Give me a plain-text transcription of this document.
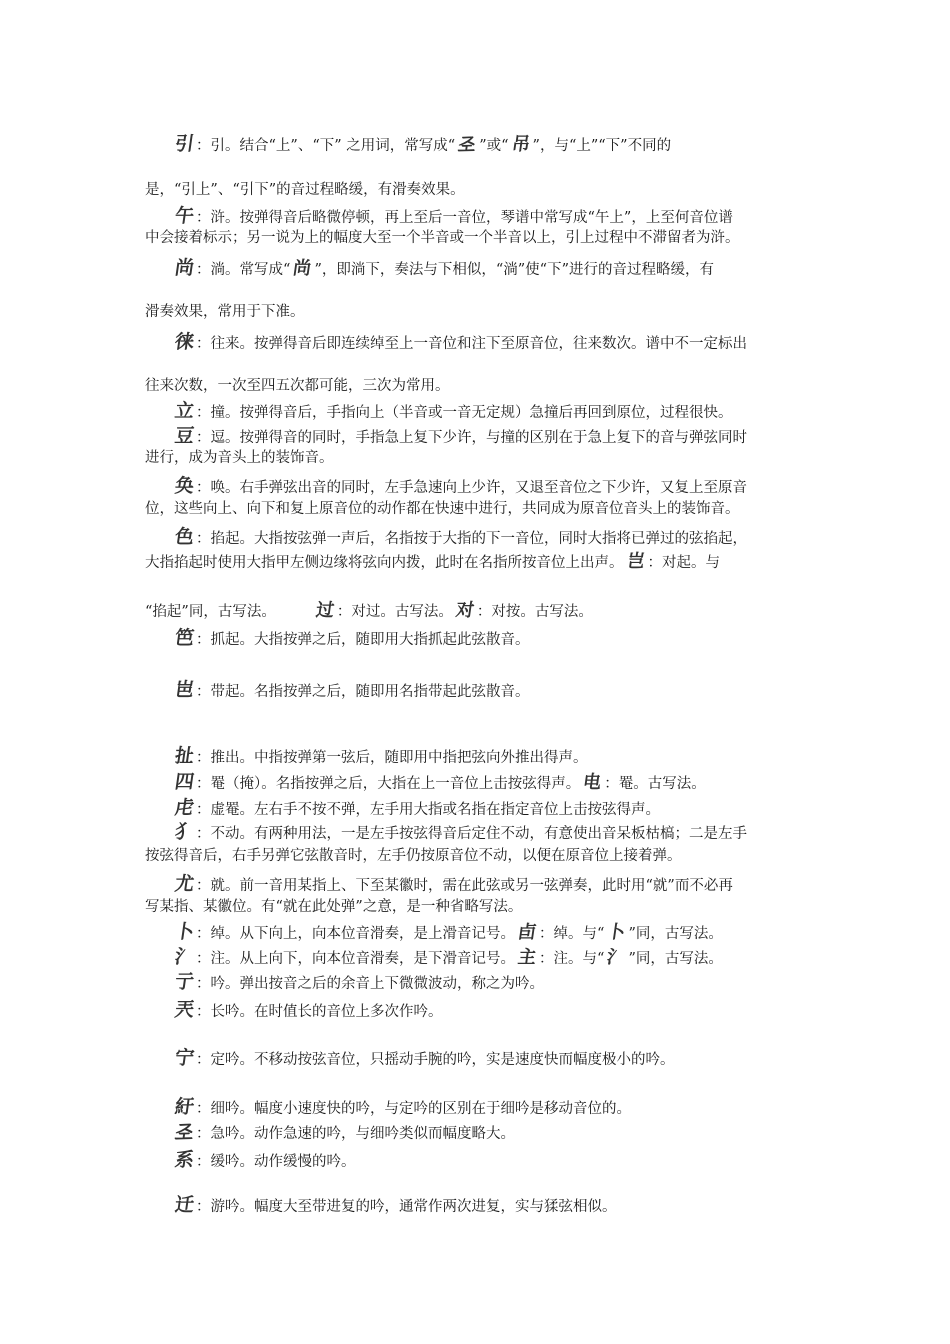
引：引。结合“上”、“下” 之用词，常写成“𢀖”或“吊”，与“上”“下”不同的
是，“引上”、“引下”的音过程略缓，有滑奏效果。
午：浒。按弹得音后略微停顿，再上至后一音位，琴谱中常写成“午上”，上至何音位谱
中会接着标示；另一说为上的幅度大至一个半音或一个半音以上，引上过程中不滞留者为浒。
尚：淌。常写成“尚”，即淌下，奏法与下相似，“淌”使“下”进行的音过程略缓，有
滑奏效果，常用于下准。
徕：往来。按弹得音后即连续绰至上一音位和注下至原音位，往来数次。谱中不一定标出
往来次数，一次至四五次都可能，三次为常用。
立：撞。按弹得音后，手指向上（半音或一音无定规）急撞后再回到原位，过程很快。
豆：逗。按弹得音的同时，手指急上复下少许，与撞的区别在于急上复下的音与弹弦同时
进行，成为音头上的装饰音。
奂：唤。右手弹弦出音的同时，左手急速向上少许，又退至音位之下少许，又复上至原音
位，这些向上、向下和复上原音位的动作都在快速中进行，共同成为原音位音头上的装饰音。
色：掐起。大指按弦弹一声后，名指按于大指的下一音位，同时大指将已弹过的弦掐起，
大指掐起时使用大指甲左侧边缘将弦向内拨，此时在名指所按音位上出声。岂：对起。与
“掐起”同，古写法。 过：对过。古写法。对：对按。古写法。
笆：抓起。大指按弹之后，随即用大指抓起此弦散音。
岜：带起。名指按弹之后，随即用名指带起此弦散音。
扯：推出。中指按弹第一弦后，随即用中指把弦向外推出得声。
四：罨（掩）。名指按弹之后，大指在上一音位上击按弦得声。电：罨。古写法。
虍：虚罨。左右手不按不弹，左手用大指或名指在指定音位上击按弦得声。
犭：不动。有两种用法，一是左手按弦得音后定住不动，有意使出音呆板枯槁；二是左手
按弦得音后，右手另弹它弦散音时，左手仍按原音位不动，以便在原音位上接着弹。
尤：就。前一音用某指上、下至某徽时，需在此弦或另一弦弹奏，此时用“就”而不必再
写某指、某徽位。有“就在此处弹”之意，是一种省略写法。
卜：绰。从下向上，向本位音滑奏，是上滑音记号。卣：绰。与“卜”同，古写法。
氵：注。从上向下，向本位音滑奏，是下滑音记号。主：注。与“氵”同，古写法。
亍：吟。弹出按音之后的余音上下微微波动，称之为吟。
兲：长吟。在时值长的音位上多次作吟。
宁：定吟。不移动按弦音位，只摇动手腕的吟，实是速度快而幅度极小的吟。
紆：细吟。幅度小速度快的吟，与定吟的区别在于细吟是移动音位的。
𢀖：急吟。动作急速的吟，与细吟类似而幅度略大。
系：缓吟。动作缓慢的吟。
迁：游吟。幅度大至带进复的吟，通常作两次进复，实与猱弦相似。
